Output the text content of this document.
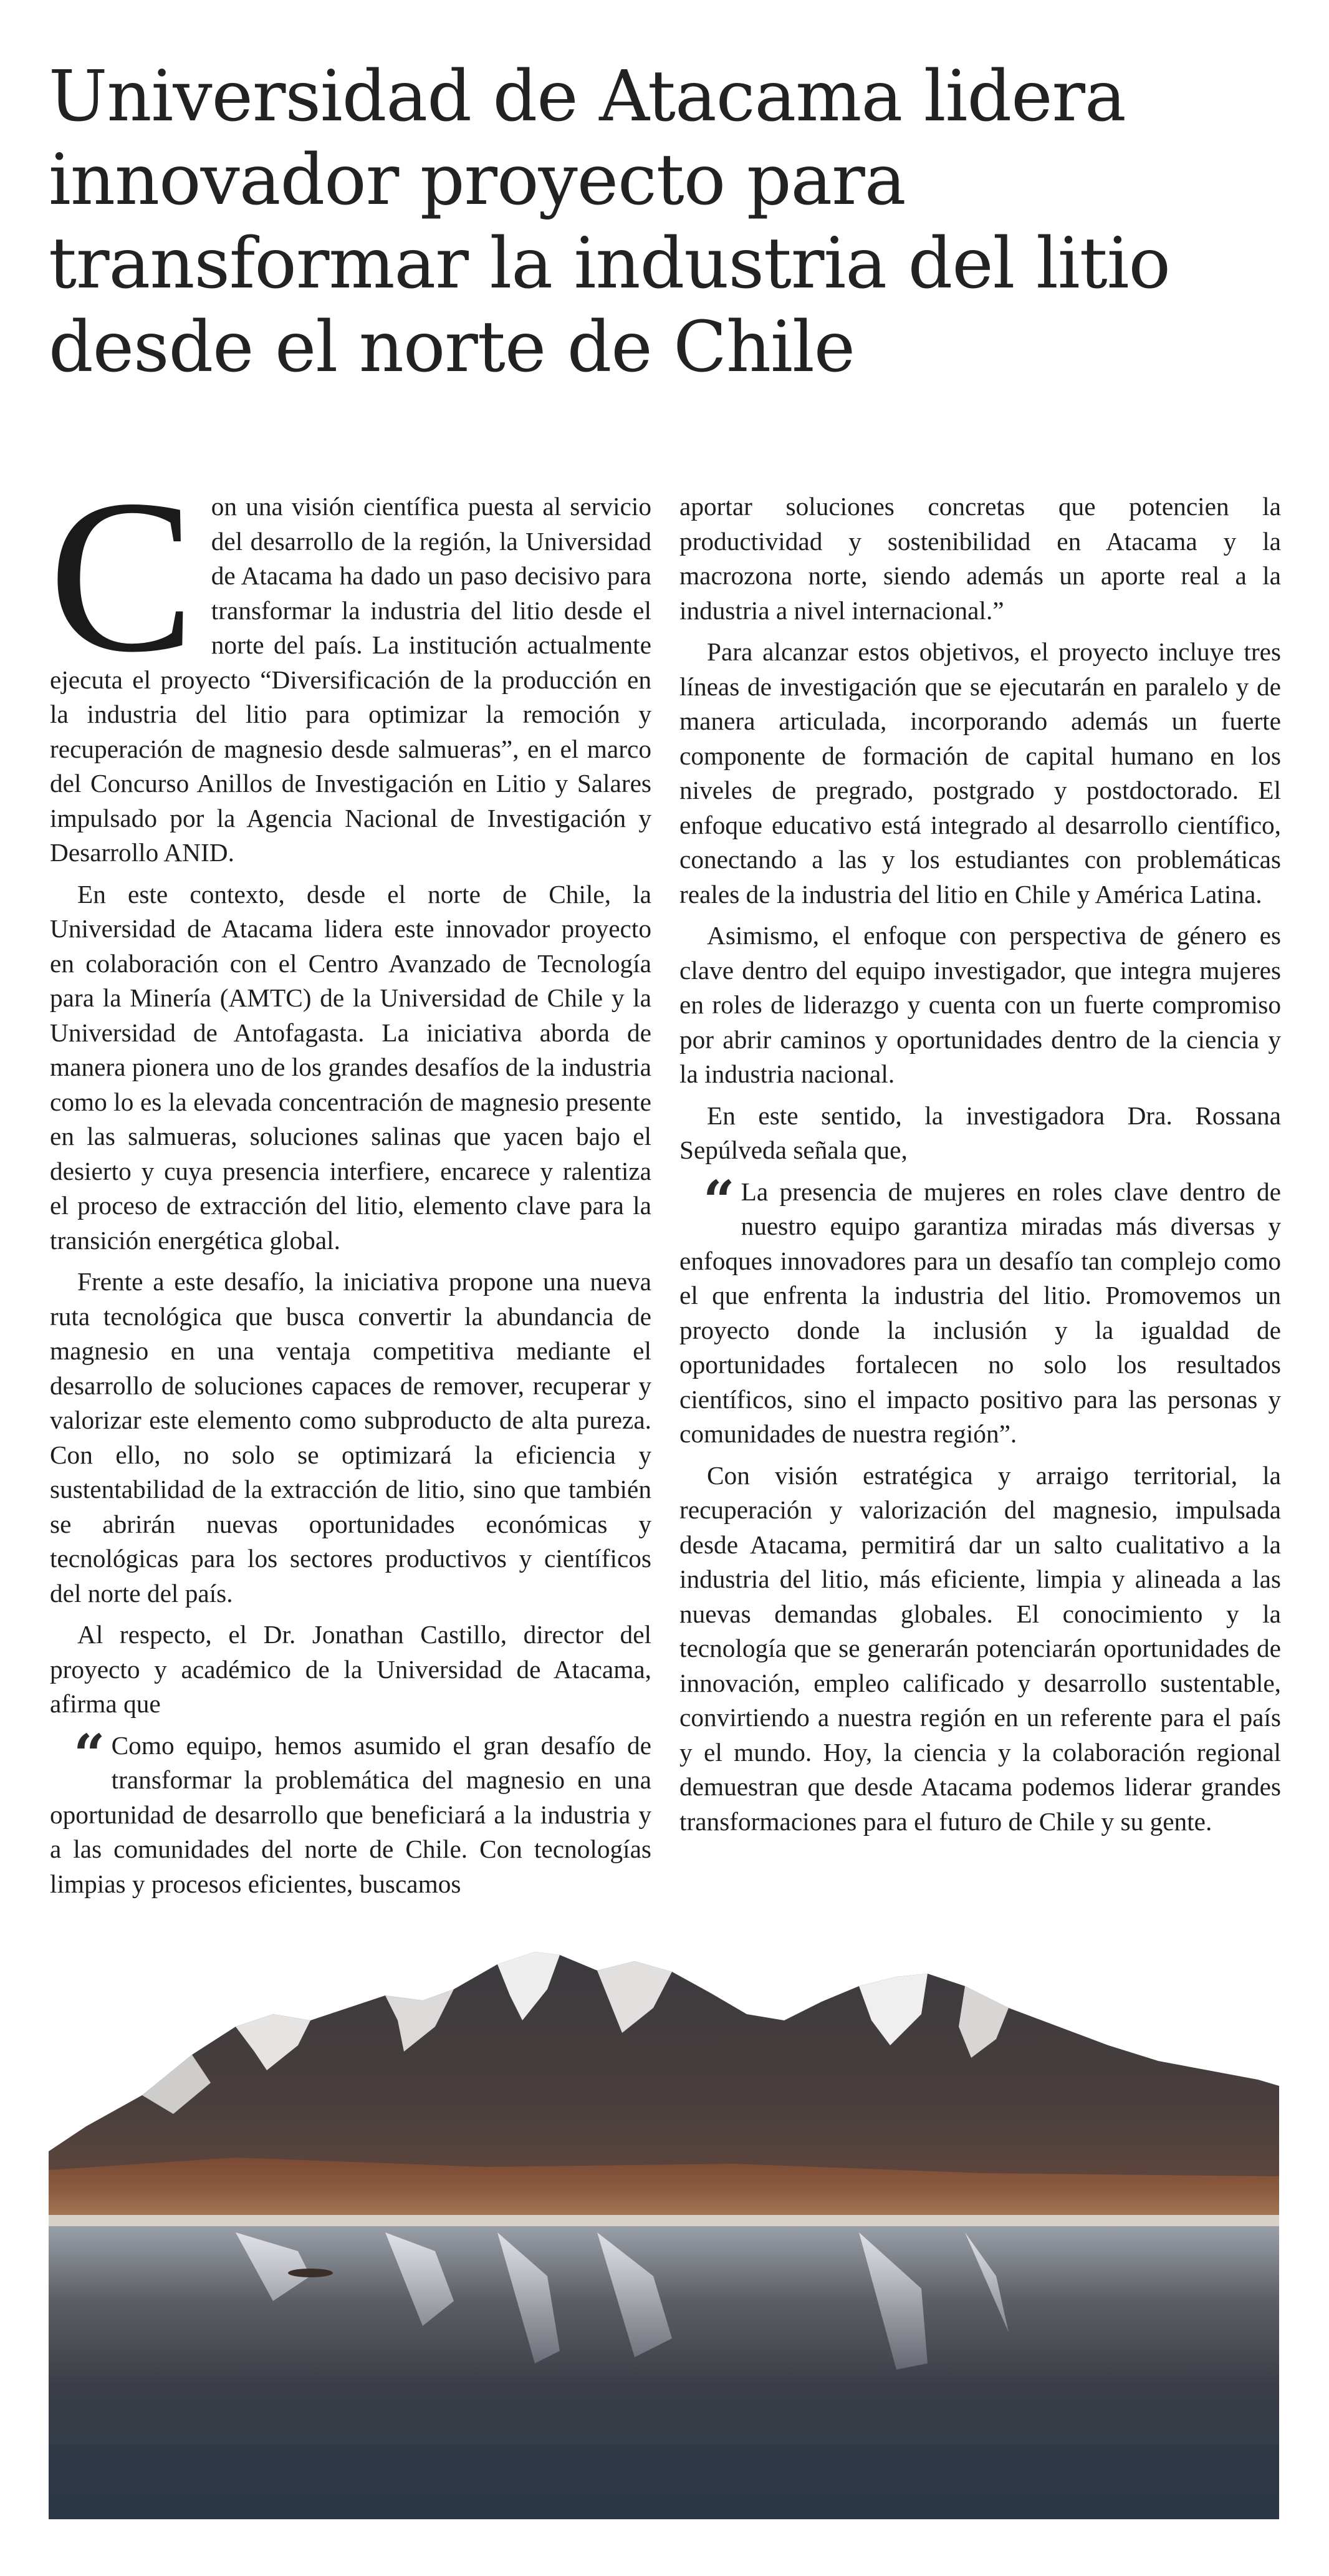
Universidad de Atacama lidera innovador proyecto para transformar la industria del litio desde el norte de Chile

Con una visión científica puesta al servicio del desarrollo de la región, la Universidad de Atacama ha dado un paso decisivo para transformar la industria del litio desde el norte del país. La institución actualmente ejecuta el proyecto “Diversificación de la producción en la industria del litio para optimizar la remoción y recuperación de magnesio desde salmueras”, en el marco del Concurso Anillos de Investigación en Litio y Salares impulsado por la Agencia Nacional de Investigación y Desarrollo ANID.

En este contexto, desde el norte de Chile, la Universidad de Atacama lidera este innovador proyecto en colaboración con el Centro Avanzado de Tecnología para la Minería (AMTC) de la Universidad de Chile y la Universidad de Antofagasta. La iniciativa aborda de manera pionera uno de los grandes desafíos de la industria como lo es la elevada concentración de magnesio presente en las salmueras, soluciones salinas que yacen bajo el desierto y cuya presencia interfiere, encarece y ralentiza el proceso de extracción del litio, elemento clave para la transición energética global.

Frente a este desafío, la iniciativa propone una nueva ruta tecnológica que busca convertir la abundancia de magnesio en una ventaja competitiva mediante el desarrollo de soluciones capaces de remover, recuperar y valorizar este elemento como subproducto de alta pureza. Con ello, no solo se optimizará la eficiencia y sustentabilidad de la extracción de litio, sino que también se abrirán nuevas oportunidades económicas y tecnológicas para los sectores productivos y científicos del norte del país.

Al respecto, el Dr. Jonathan Castillo, director del proyecto y académico de la Universidad de Atacama, afirma que

“ Como equipo, hemos asumido el gran desafío de transformar la problemática del magnesio en una oportunidad de desarrollo que beneficiará a la industria y a las comunidades del norte de Chile. Con tecnologías limpias y procesos eficientes, buscamos

aportar soluciones concretas que potencien la productividad y sostenibilidad en Atacama y la macrozona norte, siendo además un aporte real a la industria a nivel internacional.”

Para alcanzar estos objetivos, el proyecto incluye tres líneas de investigación que se ejecutarán en paralelo y de manera articulada, incorporando además un fuerte componente de formación de capital humano en los niveles de pregrado, postgrado y postdoctorado. El enfoque educativo está integrado al desarrollo científico, conectando a las y los estudiantes con problemáticas reales de la industria del litio en Chile y América Latina.

Asimismo, el enfoque con perspectiva de género es clave dentro del equipo investigador, que integra mujeres en roles de liderazgo y cuenta con un fuerte compromiso por abrir caminos y oportunidades dentro de la ciencia y la industria nacional.

En este sentido, la investigadora Dra. Rossana Sepúlveda señala que,

“ La presencia de mujeres en roles clave dentro de nuestro equipo garantiza miradas más diversas y enfoques innovadores para un desafío tan complejo como el que enfrenta la industria del litio. Promovemos un proyecto donde la inclusión y la igualdad de oportunidades fortalecen no solo los resultados científicos, sino el impacto positivo para las personas y comunidades de nuestra región”.

Con visión estratégica y arraigo territorial, la recuperación y valorización del magnesio, impulsada desde Atacama, permitirá dar un salto cualitativo a la industria del litio, más eficiente, limpia y alineada a las nuevas demandas globales. El conocimiento y la tecnología que se generarán potenciarán oportunidades de innovación, empleo calificado y desarrollo sustentable, convirtiendo a nuestra región en un referente para el país y el mundo. Hoy, la ciencia y la colaboración regional demuestran que desde Atacama podemos liderar grandes transformaciones para el futuro de Chile y su gente.
